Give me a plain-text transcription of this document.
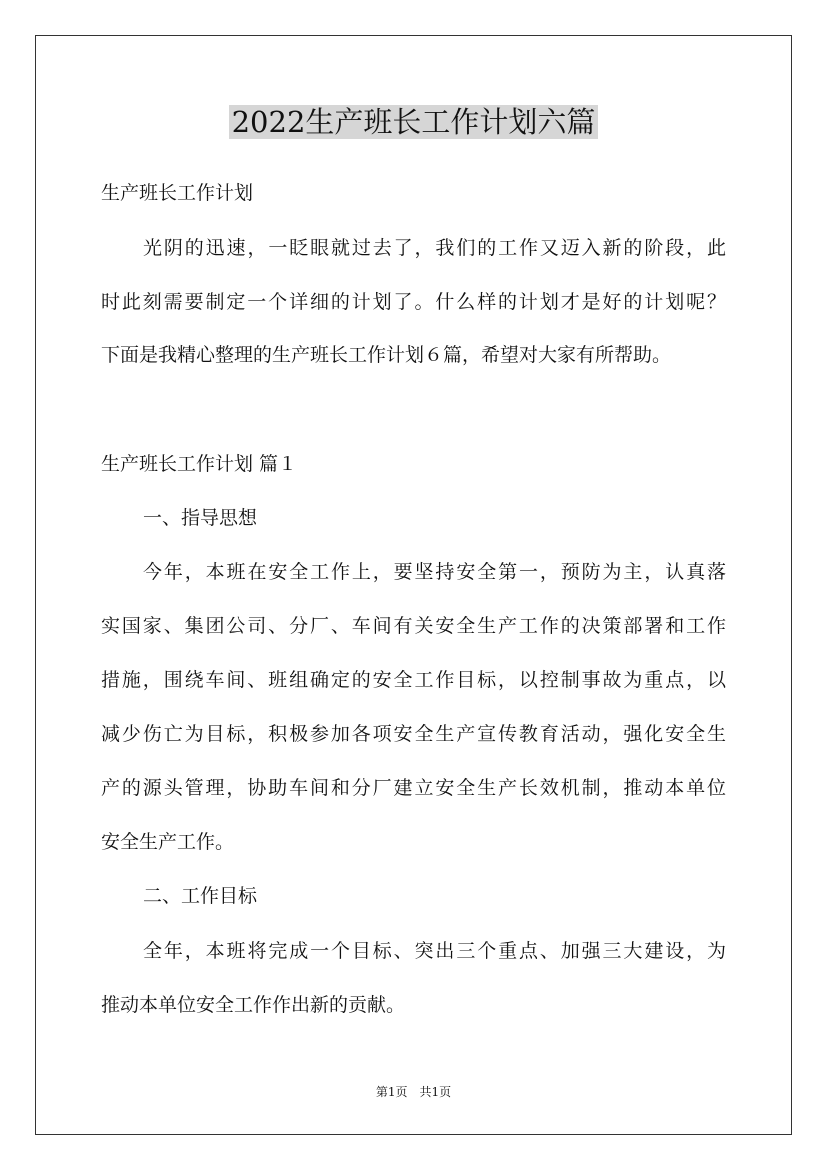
2022生产班长工作计划六篇

生产班长工作计划

光阴的迅速，一眨眼就过去了，我们的工作又迈入新的阶段，此

时此刻需要制定一个详细的计划了。什么样的计划才是好的计划呢？

下面是我精心整理的生产班长工作计划６篇，希望对大家有所帮助。

生产班长工作计划 篇１

一、指导思想

今年，本班在安全工作上，要坚持安全第一，预防为主，认真落

实国家、集团公司、分厂、车间有关安全生产工作的决策部署和工作

措施，围绕车间、班组确定的安全工作目标，以控制事故为重点，以

减少伤亡为目标，积极参加各项安全生产宣传教育活动，强化安全生

产的源头管理，协助车间和分厂建立安全生产长效机制，推动本单位

安全生产工作。

二、工作目标

全年，本班将完成一个目标、突出三个重点、加强三大建设，为

推动本单位安全工作作出新的贡献。

第1页　共1页
